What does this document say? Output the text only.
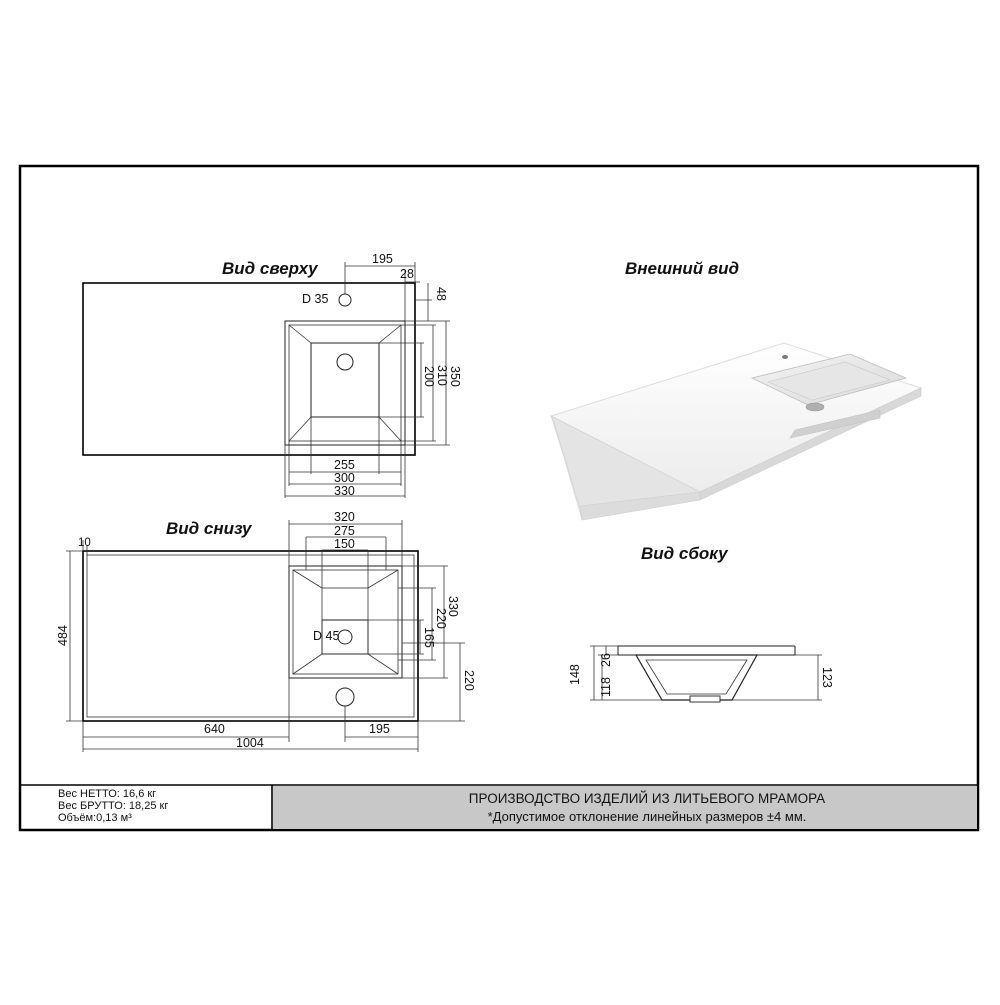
Вид сверху
D 35
195
28
48
350
310
200
255
300
330
Вид снизу
D 45
10
484
320
275
150
330
220
165
220
640	195
1004
Внешний вид
Вид сбоку
148
26
118	123
Вес НЕТТО: 16,6 кг
Вес БРУТТО: 18,25 кг
Объём:0,13 м³
ПРОИЗВОДСТВО ИЗДЕЛИЙ ИЗ ЛИТЬЕВОГО МРАМОРА
*Допустимое отклонение линейных размеров ±4 мм.
